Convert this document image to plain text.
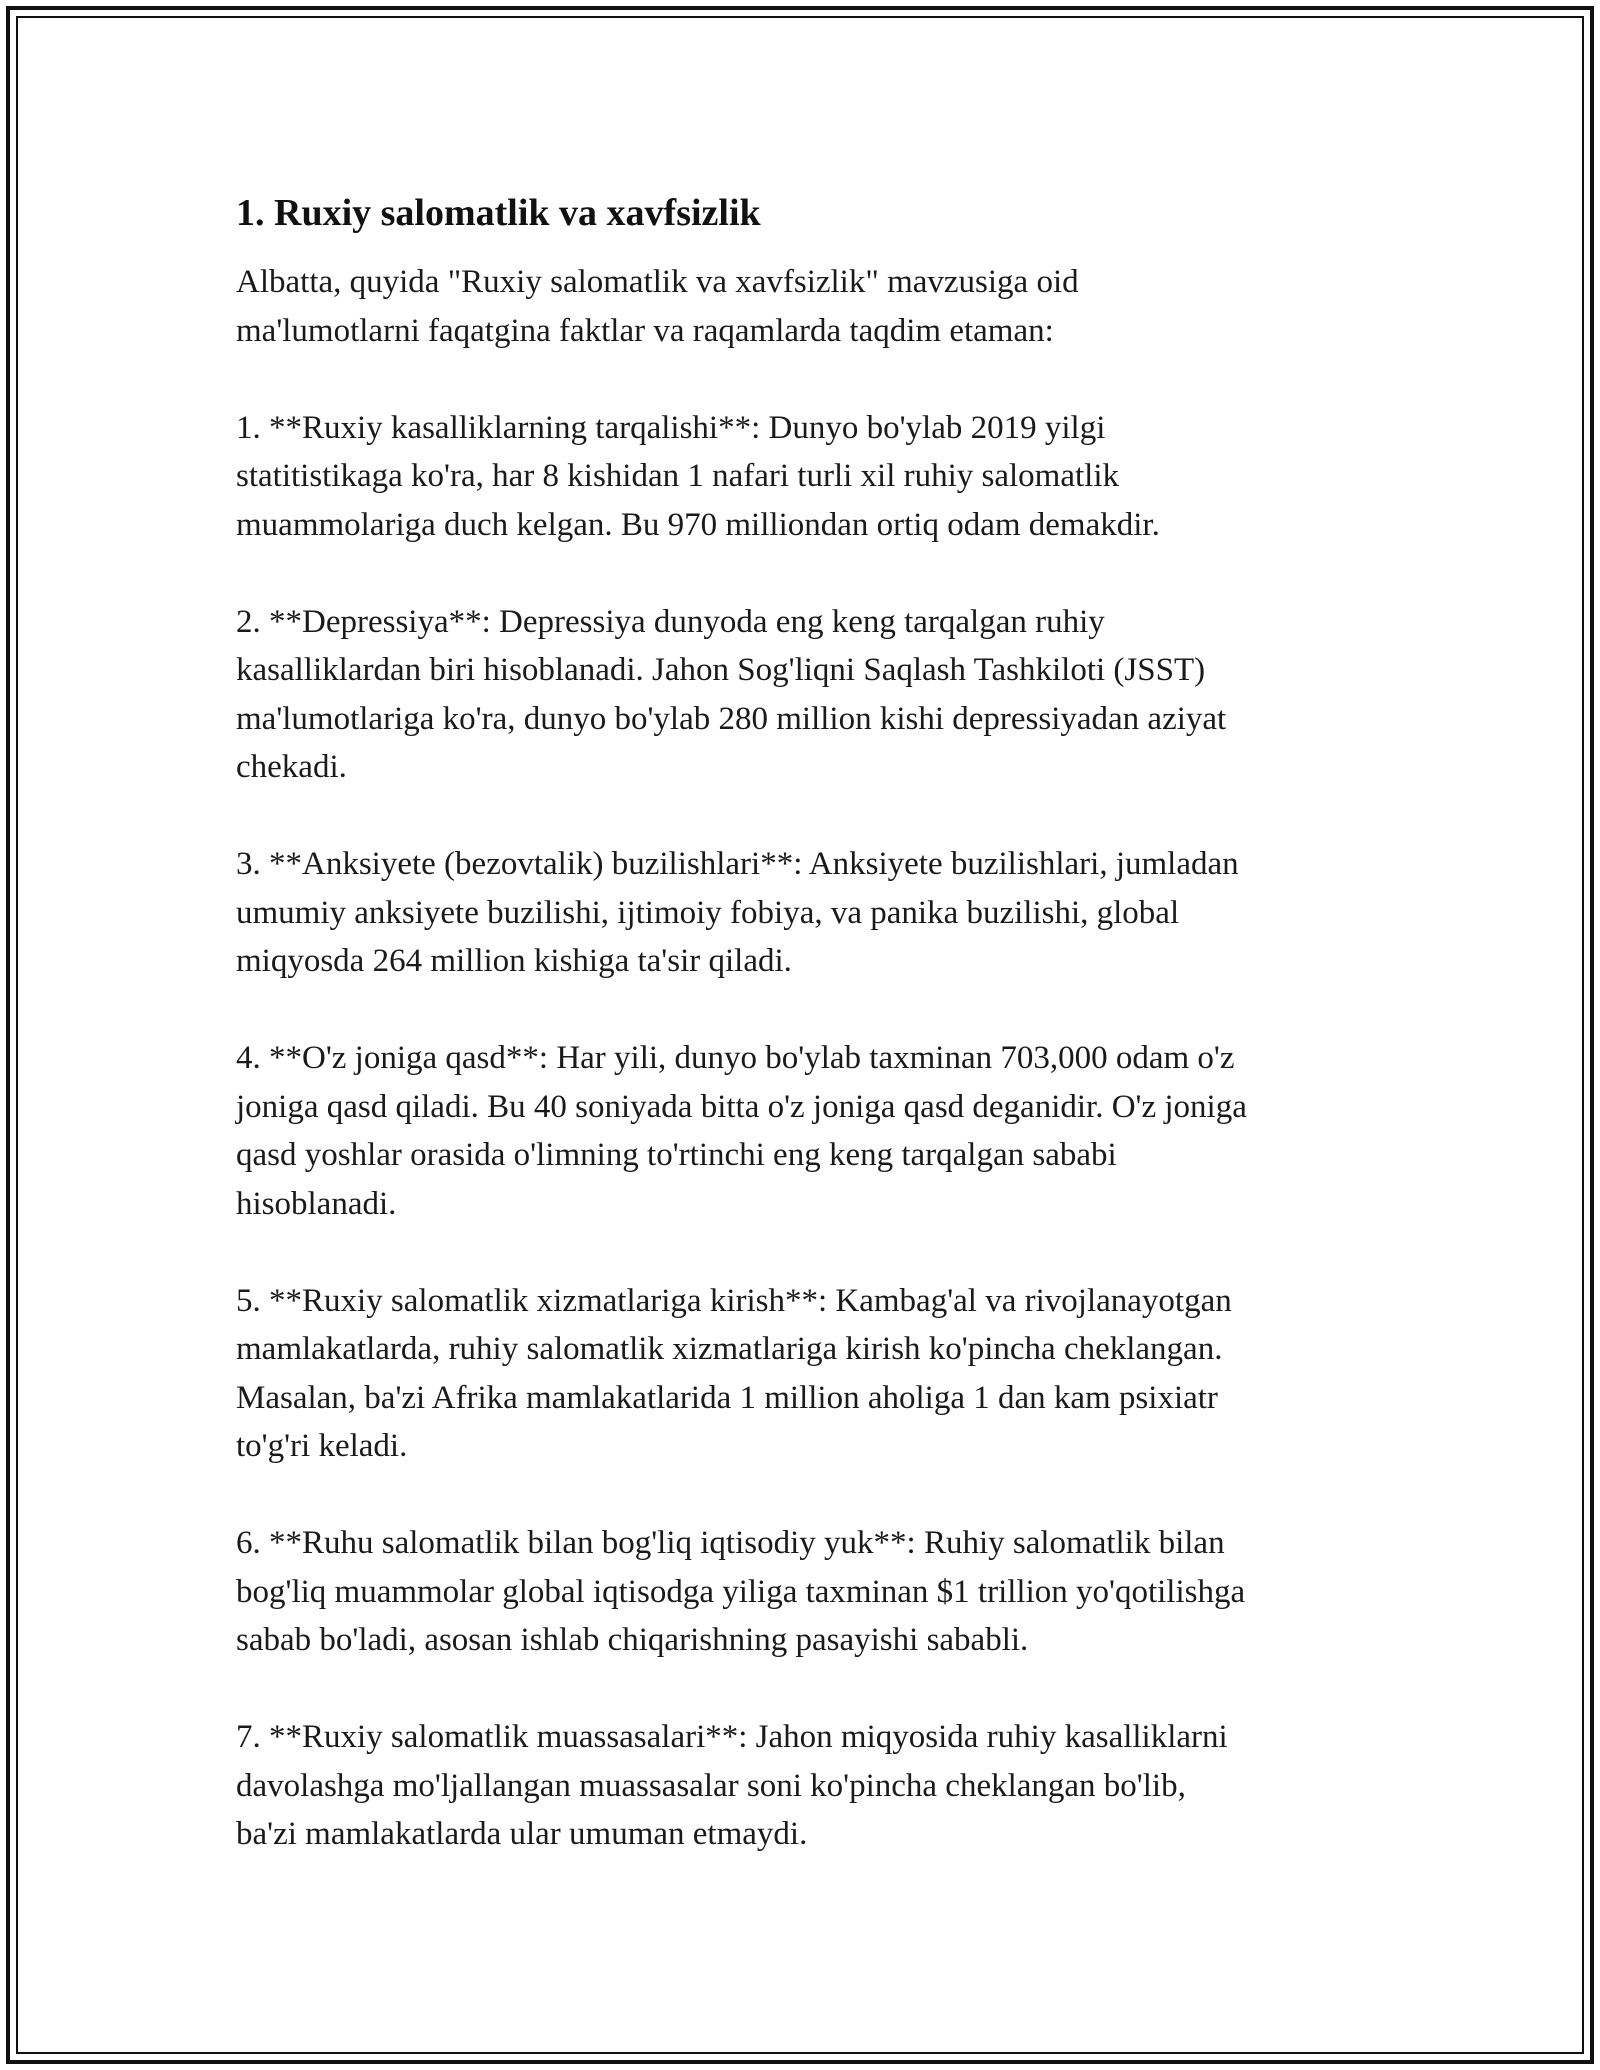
1. Ruxiy salomatlik va xavfsizlik

Albatta, quyida "Ruxiy salomatlik va xavfsizlik" mavzusiga oid
ma'lumotlarni faqatgina faktlar va raqamlarda taqdim etaman:

1. **Ruxiy kasalliklarning tarqalishi**: Dunyo bo'ylab 2019 yilgi
statitistikaga ko'ra, har 8 kishidan 1 nafari turli xil ruhiy salomatlik
muammolariga duch kelgan. Bu 970 milliondan ortiq odam demakdir.

2. **Depressiya**: Depressiya dunyoda eng keng tarqalgan ruhiy
kasalliklardan biri hisoblanadi. Jahon Sog'liqni Saqlash Tashkiloti (JSST)
ma'lumotlariga ko'ra, dunyo bo'ylab 280 million kishi depressiyadan aziyat
chekadi.

3. **Anksiyete (bezovtalik) buzilishlari**: Anksiyete buzilishlari, jumladan
umumiy anksiyete buzilishi, ijtimoiy fobiya, va panika buzilishi, global
miqyosda 264 million kishiga ta'sir qiladi.

4. **O'z joniga qasd**: Har yili, dunyo bo'ylab taxminan 703,000 odam o'z
joniga qasd qiladi. Bu 40 soniyada bitta o'z joniga qasd deganidir. O'z joniga
qasd yoshlar orasida o'limning to'rtinchi eng keng tarqalgan sababi
hisoblanadi.

5. **Ruxiy salomatlik xizmatlariga kirish**: Kambag'al va rivojlanayotgan
mamlakatlarda, ruhiy salomatlik xizmatlariga kirish ko'pincha cheklangan.
Masalan, ba'zi Afrika mamlakatlarida 1 million aholiga 1 dan kam psixiatr
to'g'ri keladi.

6. **Ruhu salomatlik bilan bog'liq iqtisodiy yuk**: Ruhiy salomatlik bilan
bog'liq muammolar global iqtisodga yiliga taxminan $1 trillion yo'qotilishga
sabab bo'ladi, asosan ishlab chiqarishning pasayishi sababli.

7. **Ruxiy salomatlik muassasalari**: Jahon miqyosida ruhiy kasalliklarni
davolashga mo'ljallangan muassasalar soni ko'pincha cheklangan bo'lib,
ba'zi mamlakatlarda ular umuman etmaydi.
